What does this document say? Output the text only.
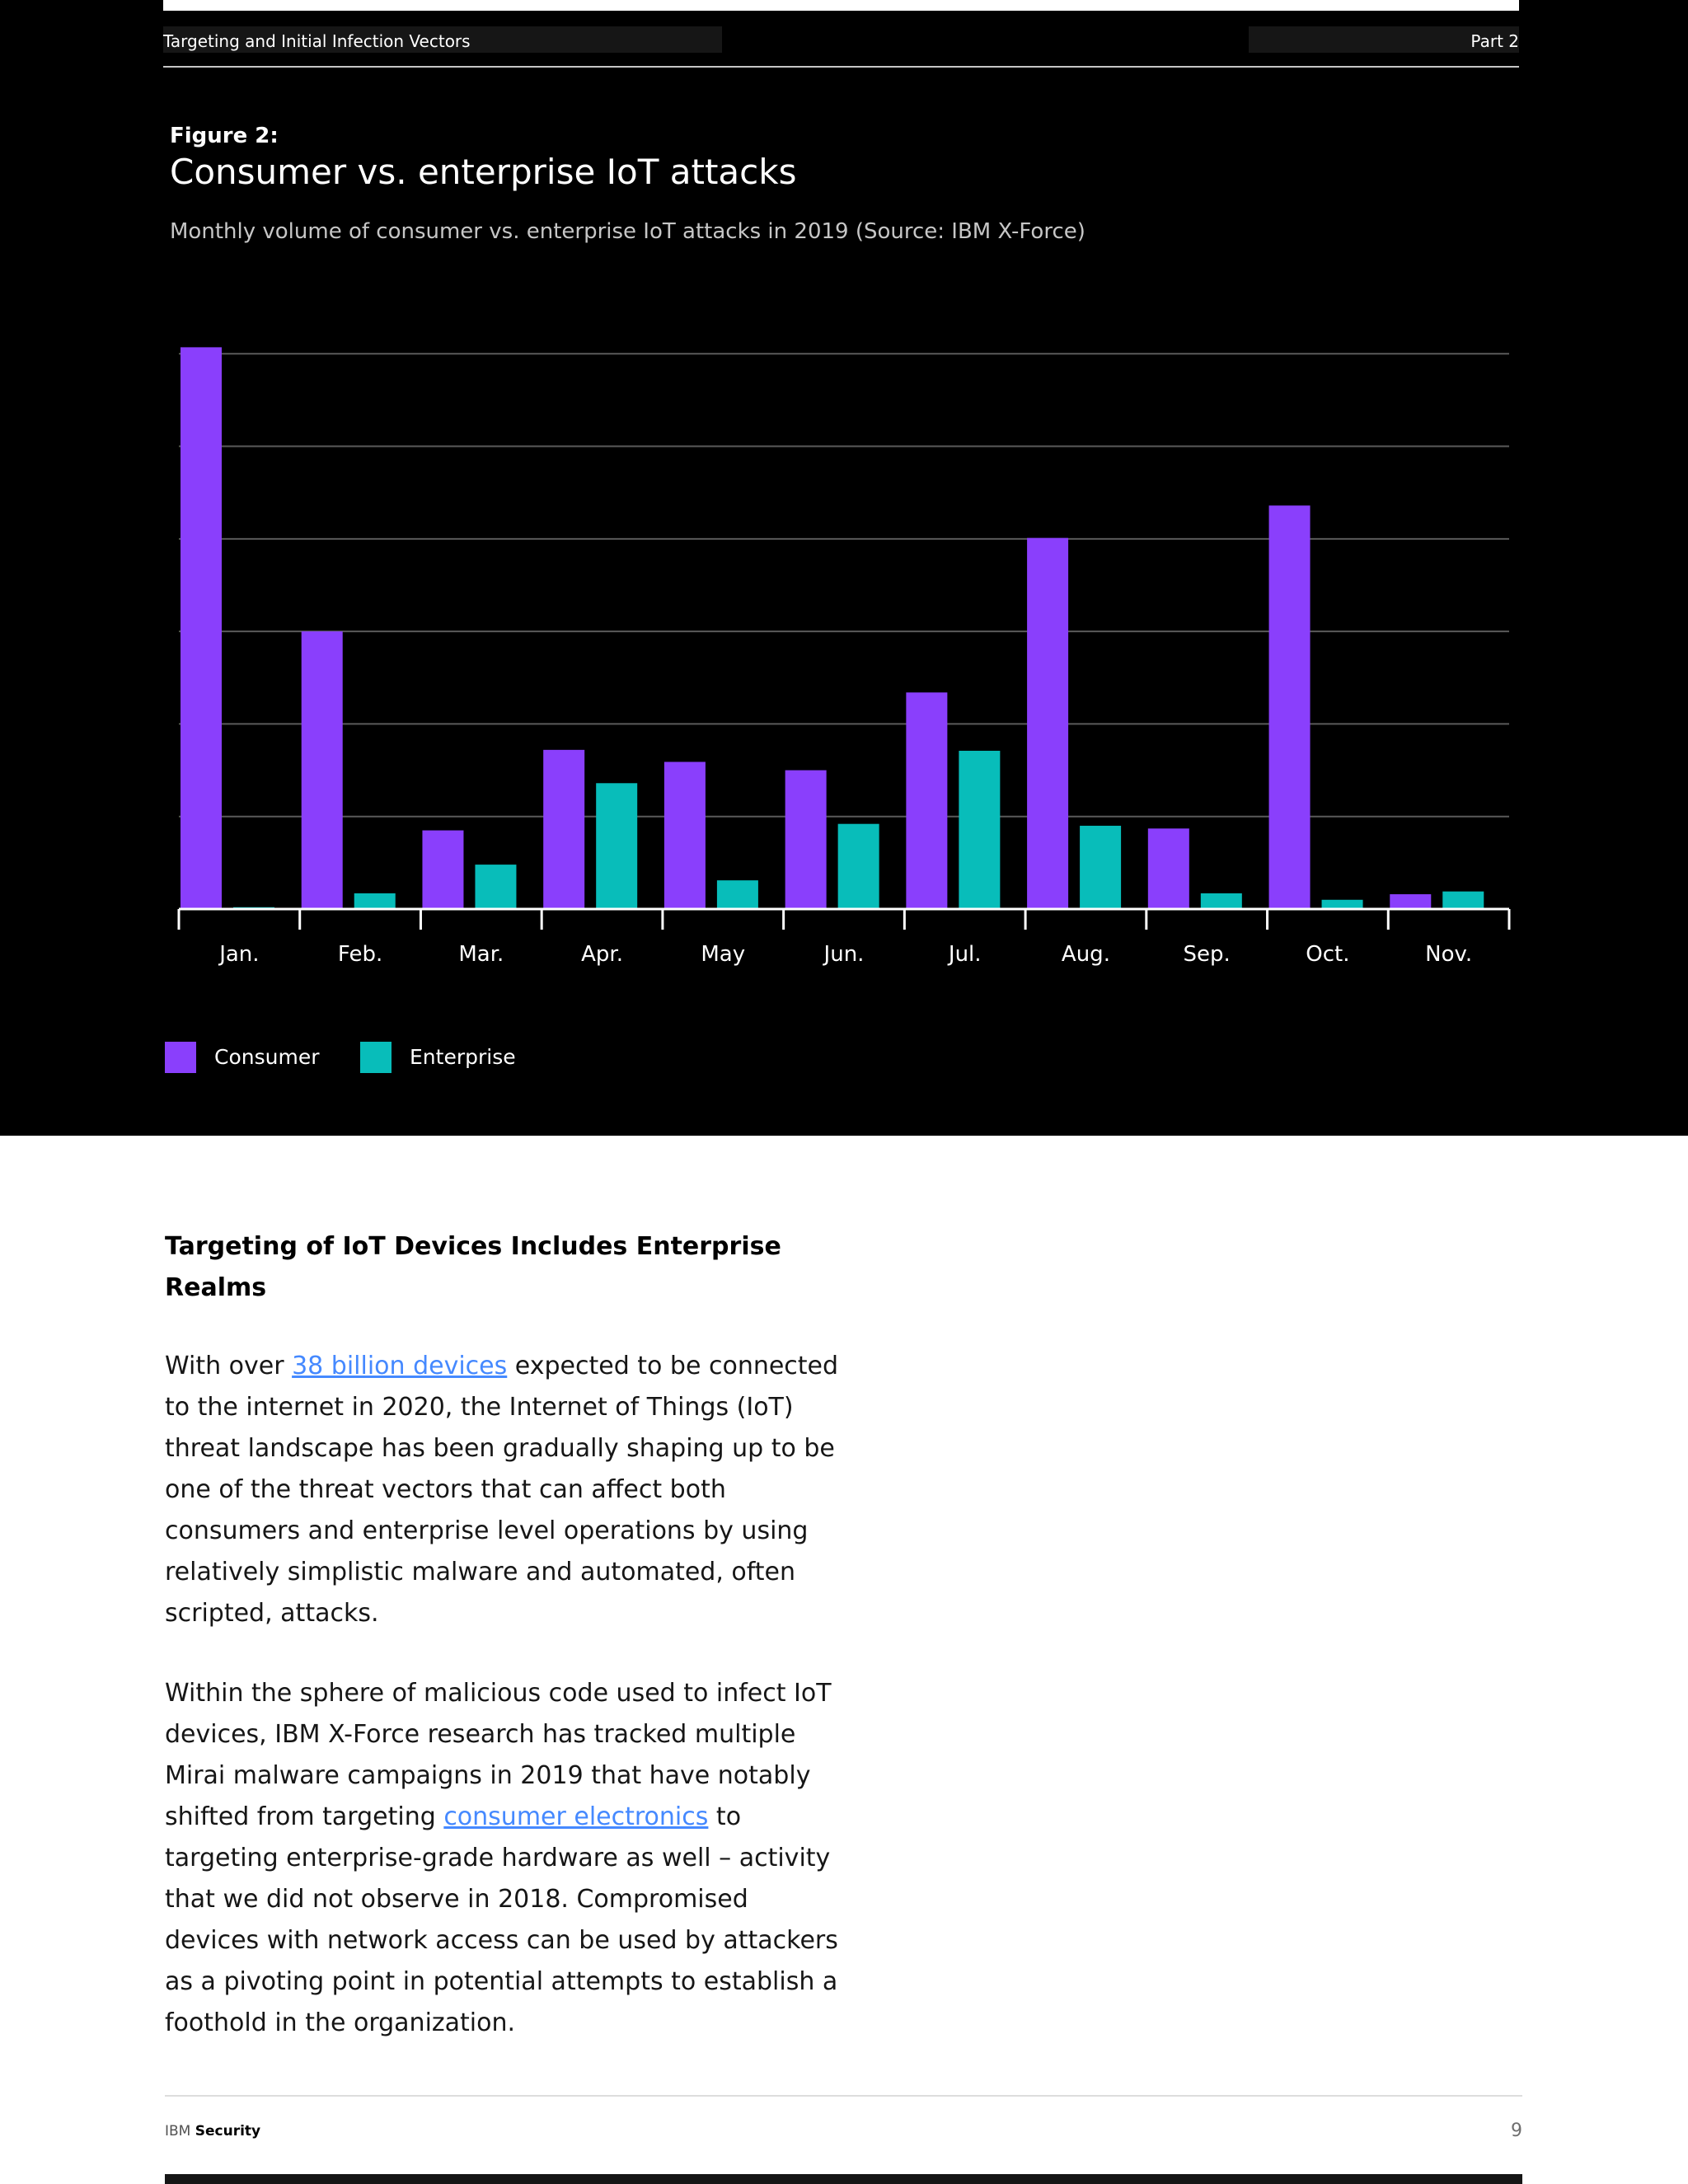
Targeting and Initial Infection Vectors	Part 2
Figure 2:
Consumer vs. enterprise IoT attacks
Monthly volume of consumer vs. enterprise IoT attacks in 2019 (Source: IBM X-Force)
Jan.	Feb.	Mar.	Apr.	May	Jun.	Jul.	Aug.	Sep.	Oct.	Nov.
Consumer	Enterprise
Targeting of IoT Devices Includes Enterprise Realms
With over 38 billion devices expected to be connected to the internet in 2020, the Internet of Things (IoT) threat landscape has been gradually shaping up to be one of the threat vectors that can affect both consumers and enterprise level operations by using relatively simplistic malware and automated, often scripted, attacks.
Within the sphere of malicious code used to infect IoT devices, IBM X-Force research has tracked multiple Mirai malware campaigns in 2019 that have notably shifted from targeting consumer electronics to targeting enterprise-grade hardware as well – activity that we did not observe in 2018. Compromised devices with network access can be used by attackers as a pivoting point in potential attempts to establish a foothold in the organization.
IBM Security	9
